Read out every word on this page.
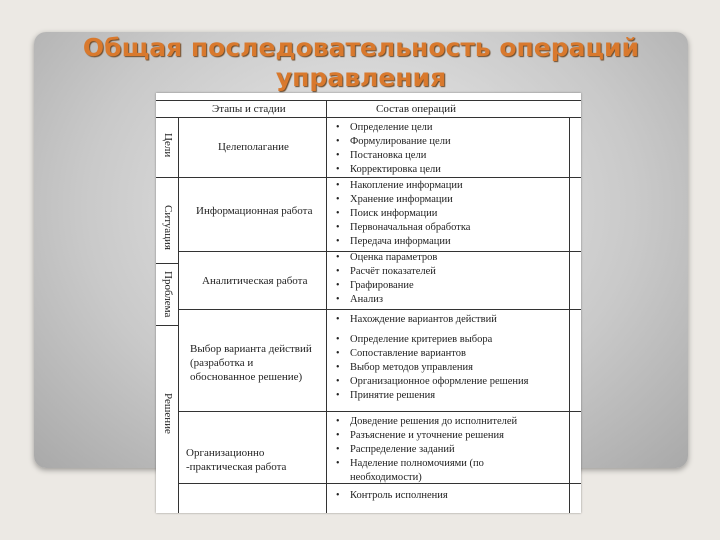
Общая последовательность операций управления
Этапы и стадии	Состав операций
Цели
Ситуация
Проблема
Решение
Целеполагание
Информационная работа
Аналитическая работа
Выбор варианта действий
(разработка и
обоснованное решение)
Организационно
-практическая работа
• Определение цели
• Формулирование цели
• Постановка цели
• Корректировка цели
• Накопление информации
• Хранение информации
• Поиск информации
• Первоначальная обработка
• Передача информации
• Оценка параметров
• Расчёт показателей
• Графирование
• Анализ
• Нахождение вариантов действий
• Определение критериев выбора
• Сопоставление вариантов
• Выбор методов управления
• Организационное оформление решения
• Принятие решения
• Доведение решения до исполнителей
• Разъяснение и уточнение решения
• Распределение заданий
• Наделение полномочиями (по
необходимости)
• Контроль исполнения
